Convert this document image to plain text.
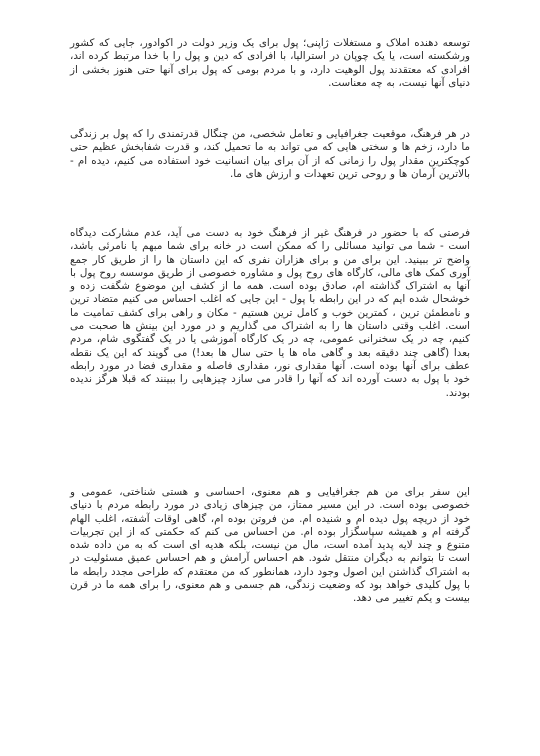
توسعه دهنده املاک و مستغلات ژاپنی؛ پول برای یک وزیر دولت در اکوادور، جایی که کشور ورشکسته است، یا یک چوپان در استرالیا، با افرادی که دین و پول را با خدا مرتبط کرده اند، افرادی که معتقدند پول الوهیت دارد، و با مردم بومی که پول برای آنها حتی هنوز بخشی از دنیای آنها نیست، به چه معناست.

در هر فرهنگ، موقعیت جغرافیایی و تعامل شخصی، من چنگال قدرتمندی را که پول بر زندگی ما دارد، زخم ها و سختی هایی که می تواند به ما تحمیل کند، و قدرت شفابخش عظیم حتی کوچکترین مقدار پول را زمانی که از آن برای بیان انسانیت خود استفاده می کنیم، دیده ام - بالاترین آرمان ها و روحی ترین تعهدات و ارزش های ما.

فرصتی که با حضور در فرهنگ غیر از فرهنگ خود به دست می آید، عدم مشارکت دیدگاه است - شما می توانید مسائلی را که ممکن است در خانه برای شما مبهم یا نامرئی باشد، واضح تر ببینید. این برای من و برای هزاران نفری که این داستان ها را از طریق کار جمع آوری کمک های مالی، کارگاه های روح پول و مشاوره خصوصی از طریق موسسه روح پول با آنها به اشتراک گذاشته ام، صادق بوده است. همه ما از کشف این موضوع شگفت زده و خوشحال شده ایم که در این رابطه با پول - این جایی که اغلب احساس می کنیم متضاد ترین و نامطمئن ترین ، کمترین خوب و کامل ترین هستیم - مکان و راهی برای کشف تمامیت ما است. اغلب وقتی داستان ها را به اشتراک می گذاریم و در مورد این بینش ها صحبت می کنیم، چه در یک سخنرانی عمومی، چه در یک کارگاه آموزشی یا در یک گفتگوی شام، مردم بعدا (گاهی چند دقیقه بعد و گاهی ماه ها یا حتی سال ها بعد!) می گویند که این یک نقطه عطف برای آنها بوده است. آنها مقداری نور، مقداری فاصله و مقداری فضا در مورد رابطه خود با پول به دست آورده اند که آنها را قادر می سازد چیزهایی را ببینند که قبلا هرگز ندیده بودند.

این سفر برای من هم جغرافیایی و هم معنوی، احساسی و هستی شناختی، عمومی و خصوصی بوده است. در این مسیر ممتاز، من چیزهای زیادی در مورد رابطه مردم با دنیای خود از دریچه پول دیده ام و شنیده ام. من فروتن بوده ام، گاهی اوقات آشفته، اغلب الهام گرفته ام و همیشه سپاسگزار بوده ام. من احساس می کنم که حکمتی که از این تجربیات متنوع و چند لایه پدید آمده است، مال من نیست، بلکه هدیه ای است که به من داده شده است تا بتوانم به دیگران منتقل شود. هم احساس آرامش و هم احساس عمیق مسئولیت در به اشتراک گذاشتن این اصول وجود دارد، همانطور که من معتقدم که طراحی مجدد رابطه ما با پول کلیدی خواهد بود که وضعیت زندگی، هم جسمی و هم معنوی، را برای همه ما در قرن بیست و یکم تغییر می دهد.
